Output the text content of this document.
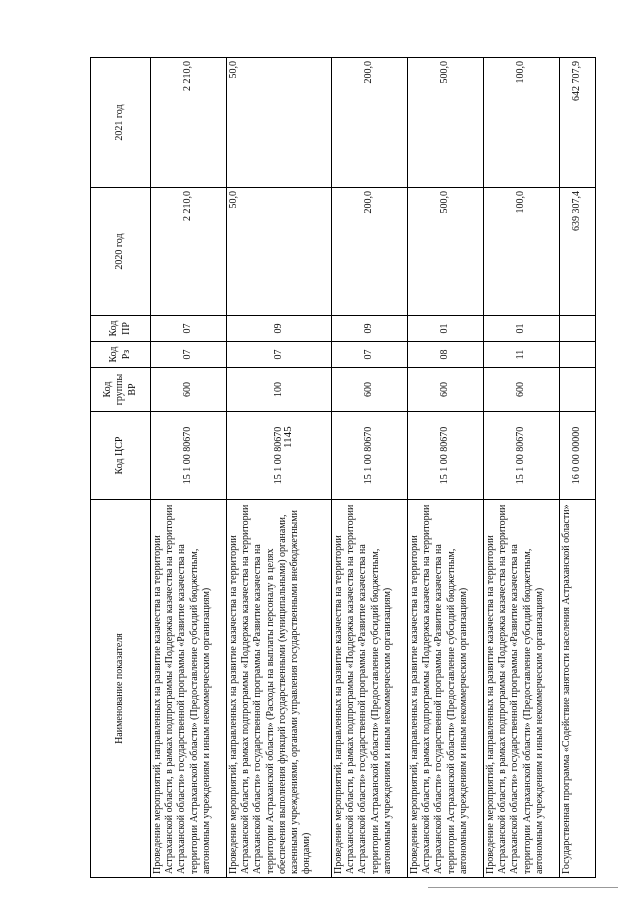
1145
Наименование показателя	Код ЦСР	Код группы ВР	Код Рз	Код ПР	2020 год	2021 год
Проведение мероприятий, направленных на развитие казачества на территории Астраханской области, в рамках подпрограммы «Поддержка казачества на территории Астраханской области» государственной программы «Развитие казачества на территории Астраханской области» (Предоставление субсидий бюджетным, автономным учреждениям и иным некоммерческим организациям)	15 1 00 80670	600	07	07	2 210,0	2 210,0
Проведение мероприятий, направленных на развитие казачества на территории Астраханской области, в рамках подпрограммы «Поддержка казачества на территории Астраханской области» государственной программы «Развитие казачества на территории Астраханской области» (Расходы на выплаты персоналу в целях обеспечения выполнения функций государственными (муниципальными) органами, казенными учреждениями, органами управления государственными внебюджетными фондами)	15 1 00 80670	100	07	09	50,0	50,0
Проведение мероприятий, направленных на развитие казачества на территории Астраханской области, в рамках подпрограммы «Поддержка казачества на территории Астраханской области» государственной программы «Развитие казачества на территории Астраханской области» (Предоставление субсидий бюджетным, автономным учреждениям и иным некоммерческим организациям)	15 1 00 80670	600	07	09	200,0	200,0
Проведение мероприятий, направленных на развитие казачества на территории Астраханской области, в рамках подпрограммы «Поддержка казачества на территории Астраханской области» государственной программы «Развитие казачества на территории Астраханской области» (Предоставление субсидий бюджетным, автономным учреждениям и иным некоммерческим организациям)	15 1 00 80670	600	08	01	500,0	500,0
Проведение мероприятий, направленных на развитие казачества на территории Астраханской области, в рамках подпрограммы «Поддержка казачества на территории Астраханской области» государственной программы «Развитие казачества на территории Астраханской области» (Предоставление субсидий бюджетным, автономным учреждениям и иным некоммерческим организациям)	15 1 00 80670	600	11	01	100,0	100,0
Государственная программа «Содействие занятости населения Астраханской области»	16 0 00 00000				639 307,4	642 707,9
